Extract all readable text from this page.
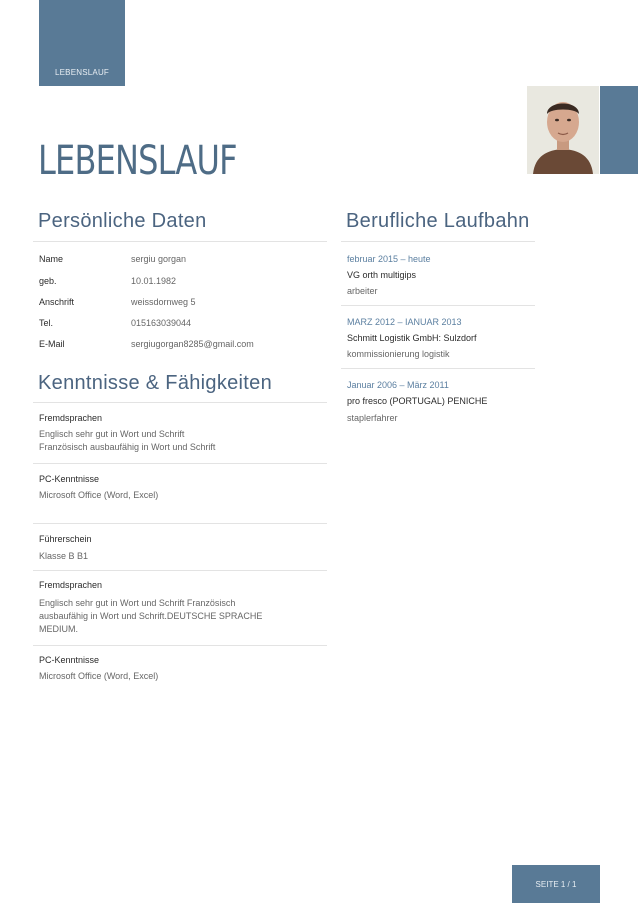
LEBENSLAUF
LEBENSLAUF
Persönliche Daten
Name	sergiu gorgan
geb.	10.01.1982
Anschrift	weissdornweg 5
Tel.	015163039044
E-Mail	sergiugorgan8285@gmail.com
Kenntnisse & Fähigkeiten
Fremdsprachen
Englisch sehr gut in Wort und Schrift
Französisch ausbaufähig in Wort und Schrift
PC-Kenntnisse
Microsoft Office (Word, Excel)
Führerschein
Klasse B B1
Fremdsprachen
Englisch sehr gut in Wort und Schrift Französisch
ausbaufähig in Wort und Schrift.DEUTSCHE SPRACHE
MEDIUM.
PC-Kenntnisse
Microsoft Office (Word, Excel)
Berufliche Laufbahn
februar 2015 – heute
VG orth multigips
arbeiter
MARZ 2012 – IANUAR 2013
Schmitt Logistik GmbH: Sulzdorf
kommissionierung logistik
Januar 2006 – März 2011
pro fresco (PORTUGAL) PENICHE
staplerfahrer
SEITE 1 / 1
